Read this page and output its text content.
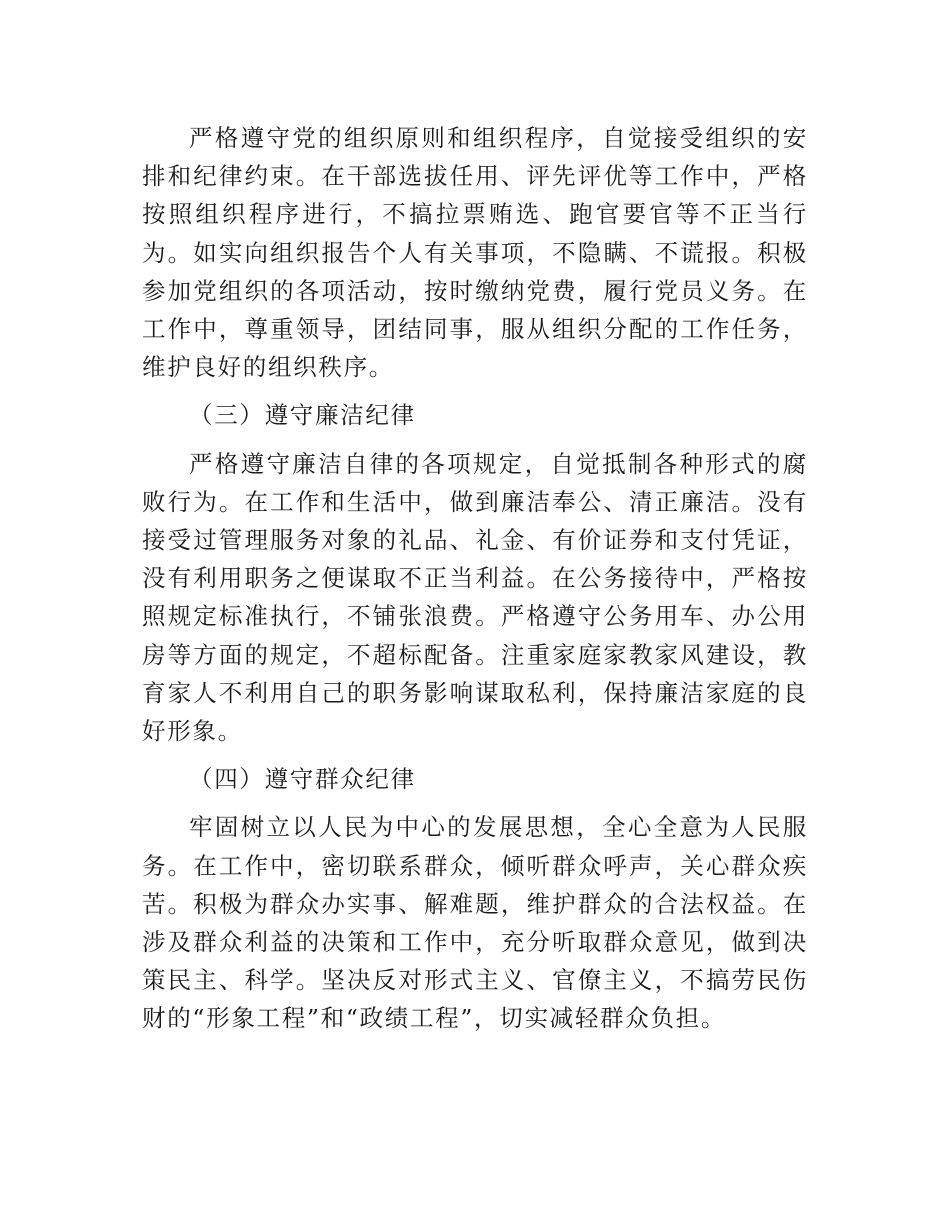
严格遵守党的组织原则和组织程序，自觉接受组织的安排和纪律约束。在干部选拔任用、评先评优等工作中，严格按照组织程序进行，不搞拉票贿选、跑官要官等不正当行为。如实向组织报告个人有关事项，不隐瞒、不谎报。积极参加党组织的各项活动，按时缴纳党费，履行党员义务。在工作中，尊重领导，团结同事，服从组织分配的工作任务，维护良好的组织秩序。

（三）遵守廉洁纪律

严格遵守廉洁自律的各项规定，自觉抵制各种形式的腐败行为。在工作和生活中，做到廉洁奉公、清正廉洁。没有接受过管理服务对象的礼品、礼金、有价证券和支付凭证，没有利用职务之便谋取不正当利益。在公务接待中，严格按照规定标准执行，不铺张浪费。严格遵守公务用车、办公用房等方面的规定，不超标配备。注重家庭家教家风建设，教育家人不利用自己的职务影响谋取私利，保持廉洁家庭的良好形象。

（四）遵守群众纪律

牢固树立以人民为中心的发展思想，全心全意为人民服务。在工作中，密切联系群众，倾听群众呼声，关心群众疾苦。积极为群众办实事、解难题，维护群众的合法权益。在涉及群众利益的决策和工作中，充分听取群众意见，做到决策民主、科学。坚决反对形式主义、官僚主义，不搞劳民伤财的“形象工程”和“政绩工程”，切实减轻群众负担。
